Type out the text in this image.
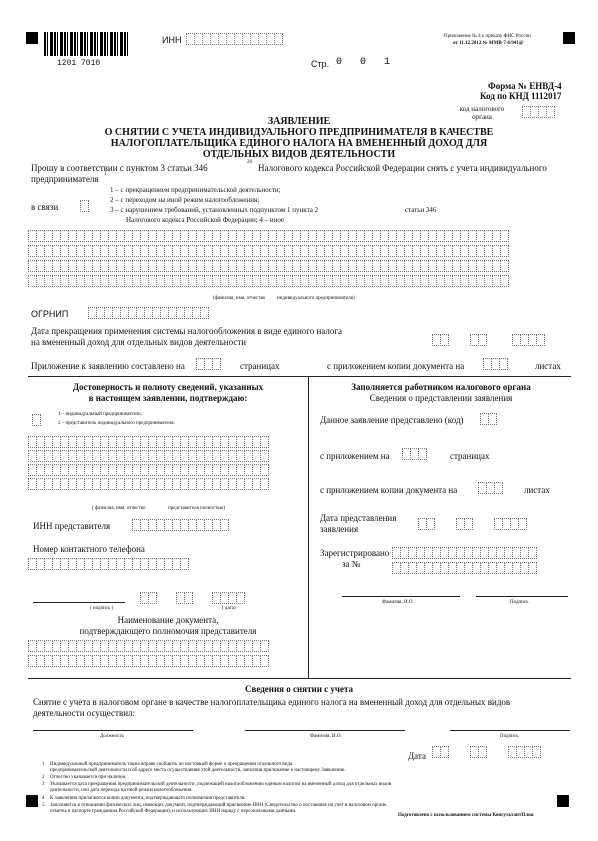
1201 7010
ИНН
Стр. 0 0 1
Приложение № 4 к приказу ФНС России
от 11.12.2012 № ММВ-7-6/941@
Форма № ЕНВД-4
Код по КНД 1112017
код налогового органа
ЗАЯВЛЕНИЕ
О СНЯТИИ С УЧЕТА ИНДИВИДУАЛЬНОГО ПРЕДПРИНИМАТЕЛЯ В КАЧЕСТВЕ
НАЛОГОПЛАТЕЛЬЩИКА ЕДИНОГО НАЛОГА НА ВМЕНЕННЫЙ ДОХОД ДЛЯ
ОТДЕЛЬНЫХ ВИДОВ ДЕЯТЕЛЬНОСТИ
Прошу в соответствии с пунктом 3 статьи 346
28
Налогового кодекса Российской Федерации снять с учета индивидуального
предпринимателя 1
в связи
1 – с прекращением предпринимательской деятельности;
2 – с переходом на иной режим налогообложения;
3 – с нарушением требований, установленных подпунктом 1 пункта 2	статьи 346
Налогового кодекса Российской Федерации; 4 – иное
(фамилия, имя, отчество индивидуального предпринимателя)
ОГРНИП
Дата прекращения применения системы налогообложения в виде единого налога
на вмененный доход для отдельных видов деятельности
Приложение к заявлению составлено на	страницах	с приложением копии документа на	листах
Достоверность и полноту сведений, указанных
в настоящем заявлении, подтверждаю:
1 – индивидуальный предприниматель;
2 – представитель индивидуального предпринимателя.
( фамилия, имя, отчество	представителя полностью)
ИНН представителя
Номер контактного телефона
( подпись )	( дата)
Наименование документа,
подтверждающего полномочия представителя
Заполняется работником налогового органа
Сведения о представлении заявления
Данное заявление представлено (код)
с приложением на	страницах
с приложением копии документа на	листах
Дата представления
заявления
Зарегистрировано
за №
Фамилия, И.О.	Подпись
Сведения о снятии с учета
Снятие с учета в налоговом органе в качестве налогоплательщика единого налога на вмененный доход для отдельных видов
деятельности осуществил:
Должность	Фамилия, И.О.	Подпись
Дата
1 Индивидуальный предприниматель также вправе сообщить по настоящей форме о прекращении отдельного вида
предпринимательской деятельности и об адресе места осуществления этой деятельности, заполнив приложение к настоящему Заявлению.
2 Отчество указывается при наличии.
3 Указывается дата прекращения предпринимательской деятельности, подлежащей налогообложению единым налогом на вмененный доход для отдельных видов
деятельности, или дата перехода на иной режим налогообложения.
4 К заявлению прилагаются копии документа, подтверждающего полномочия представителя.
5 Заполняется в отношении физических лиц, имеющих документ, подтверждающий присвоение ИНН (Свидетельство о постановке на учет в налоговом органе,
отметка в паспорте гражданина Российской Федерации), и использующих ИНН наряду с персональными данными.
Подготовлено с использованием системы КонсультантПлюс
